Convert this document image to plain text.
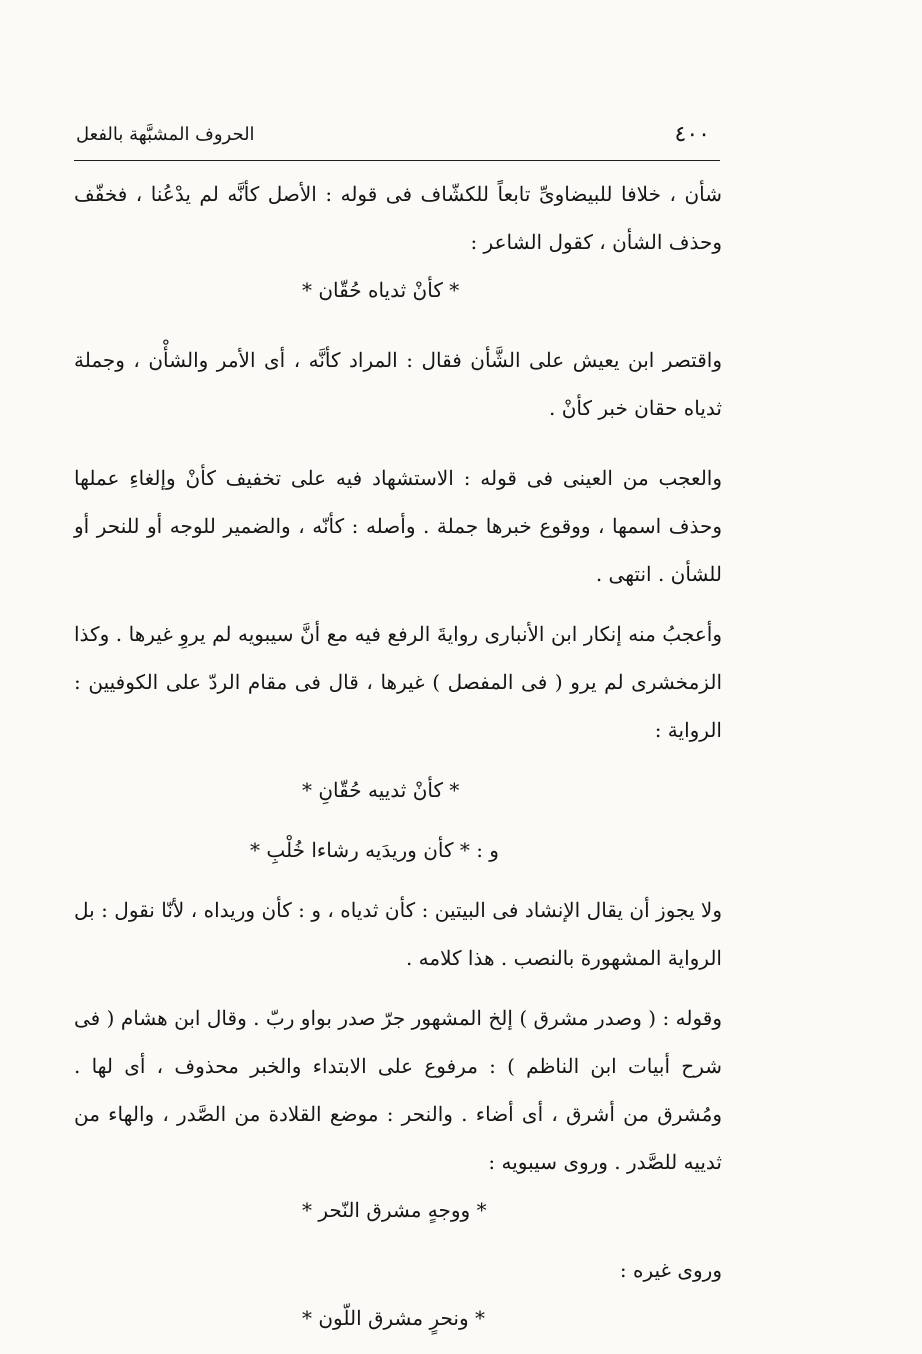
٤٠٠
الحروف المشبَّهة بالفعل

شأن ، خلافا للبيضاوىِّ تابعاً للكشّاف فى قوله : الأصل كأنَّه لم يدْعُنا ، فخفّف وحذف الشأن ، كقول الشاعر :

* كأنْ ثدياه حُقّان *

واقتصر ابن يعيش على الشَّأن فقال : المراد كأنَّه ، أى الأمر والشأْن ، وجملة ثدياه حقان خبر كأنْ .

والعجب من العينى فى قوله : الاستشهاد فيه على تخفيف كأنْ وإلغاءِ عملها وحذف اسمها ، ووقوع خبرها جملة . وأصله : كأنّه ، والضمير للوجه أو للنحر أو للشأن . انتهى .

وأعجبُ منه إنكار ابن الأنبارى روايةَ الرفع فيه مع أنَّ سيبويه لم يروِ غيرها . وكذا الزمخشرى لم يرو ( فى المفصل ) غيرها ، قال فى مقام الردّ على الكوفيين : الرواية :

* كأنْ ثدييه حُقّانِ *

و : * كأن وريدَيه رشاءا خُلْبِ *

ولا يجوز أن يقال الإنشاد فى البيتين : كأن ثدياه ، و : كأن وريداه ، لأنّا نقول : بل الرواية المشهورة بالنصب . هذا كلامه .

وقوله : ( وصدر مشرق ) إلخ المشهور جرّ صدر بواو ربّ . وقال ابن هشام ( فى شرح أبيات ابن الناظم ) : مرفوع على الابتداء والخبر محذوف ، أى لها . ومُشرق من أشرق ، أى أضاء . والنحر : موضع القلادة من الصَّدر ، والهاء من ثدييه للصَّدر . وروى سيبويه :

* ووجهٍ مشرق النّحر *

وروى غيره :

* ونحرٍ مشرق اللّون *
